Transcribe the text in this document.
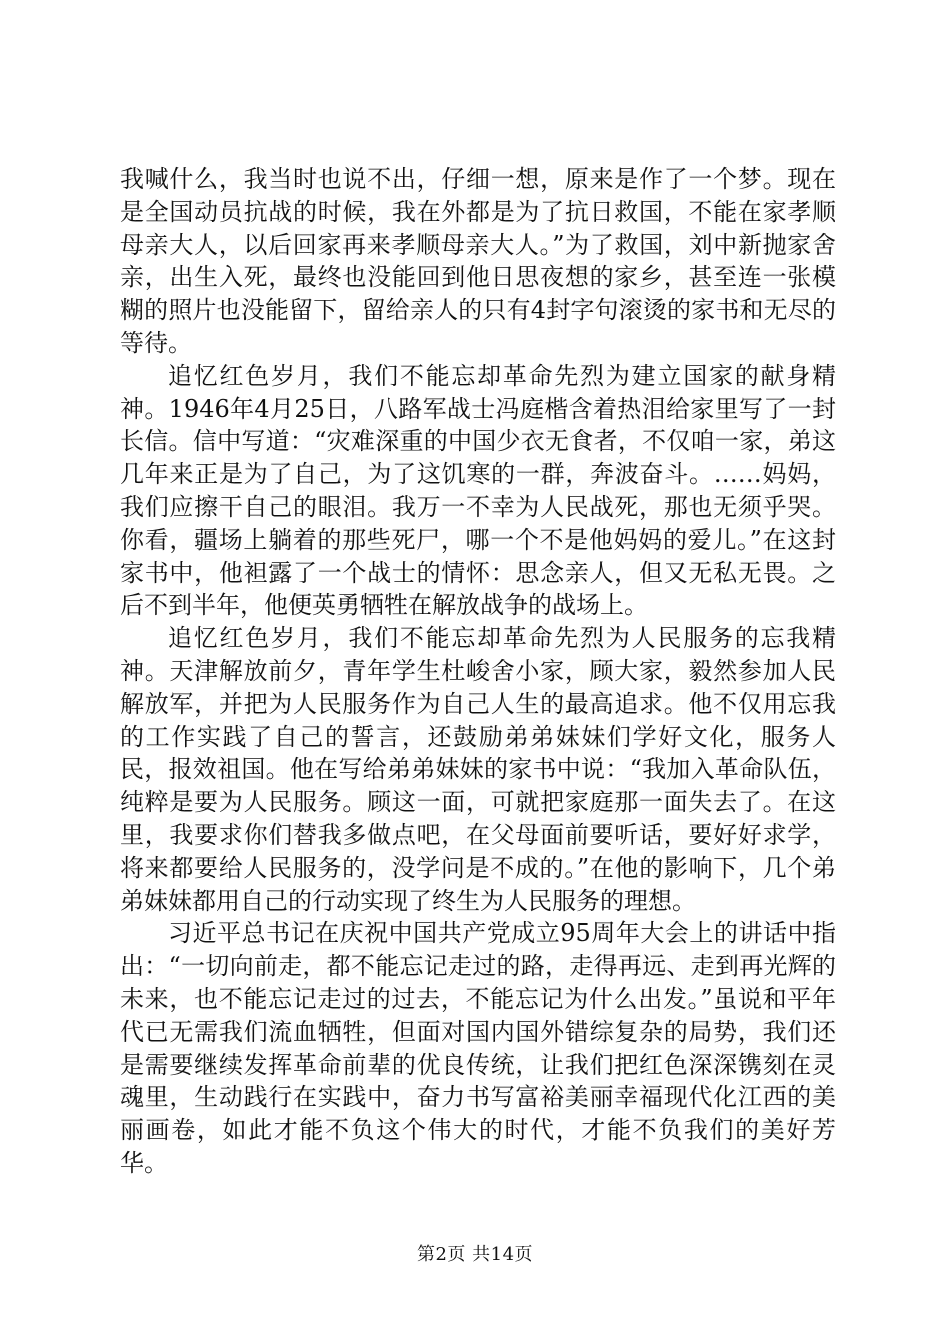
我喊什么，我当时也说不出，仔细一想，原来是作了一个梦。现在是全国动员抗战的时候，我在外都是为了抗日救国，不能在家孝顺母亲大人，以后回家再来孝顺母亲大人。”为了救国，刘中新抛家舍亲，出生入死，最终也没能回到他日思夜想的家乡，甚至连一张模糊的照片也没能留下，留给亲人的只有4封字句滚烫的家书和无尽的等待。

追忆红色岁月，我们不能忘却革命先烈为建立国家的献身精神。1946年4月25日，八路军战士冯庭楷含着热泪给家里写了一封长信。信中写道：“灾难深重的中国少衣无食者，不仅咱一家，弟这几年来正是为了自己，为了这饥寒的一群，奔波奋斗。……妈妈，我们应擦干自己的眼泪。我万一不幸为人民战死，那也无须乎哭。你看，疆场上躺着的那些死尸，哪一个不是他妈妈的爱儿。”在这封家书中，他袒露了一个战士的情怀：思念亲人，但又无私无畏。之后不到半年，他便英勇牺牲在解放战争的战场上。

追忆红色岁月，我们不能忘却革命先烈为人民服务的忘我精神。天津解放前夕，青年学生杜峻舍小家，顾大家，毅然参加人民解放军，并把为人民服务作为自己人生的最高追求。他不仅用忘我的工作实践了自己的誓言，还鼓励弟弟妹妹们学好文化，服务人民，报效祖国。他在写给弟弟妹妹的家书中说：“我加入革命队伍，纯粹是要为人民服务。顾这一面，可就把家庭那一面失去了。在这里，我要求你们替我多做点吧，在父母面前要听话，要好好求学，将来都要给人民服务的，没学问是不成的。”在他的影响下，几个弟弟妹妹都用自己的行动实现了终生为人民服务的理想。

习近平总书记在庆祝中国共产党成立95周年大会上的讲话中指出：“一切向前走，都不能忘记走过的路，走得再远、走到再光辉的未来，也不能忘记走过的过去，不能忘记为什么出发。”虽说和平年代已无需我们流血牺牲，但面对国内国外错综复杂的局势，我们还是需要继续发挥革命前辈的优良传统，让我们把红色深深镌刻在灵魂里，生动践行在实践中，奋力书写富裕美丽幸福现代化江西的美丽画卷，如此才能不负这个伟大的时代，才能不负我们的美好芳华。

第2页 共14页
